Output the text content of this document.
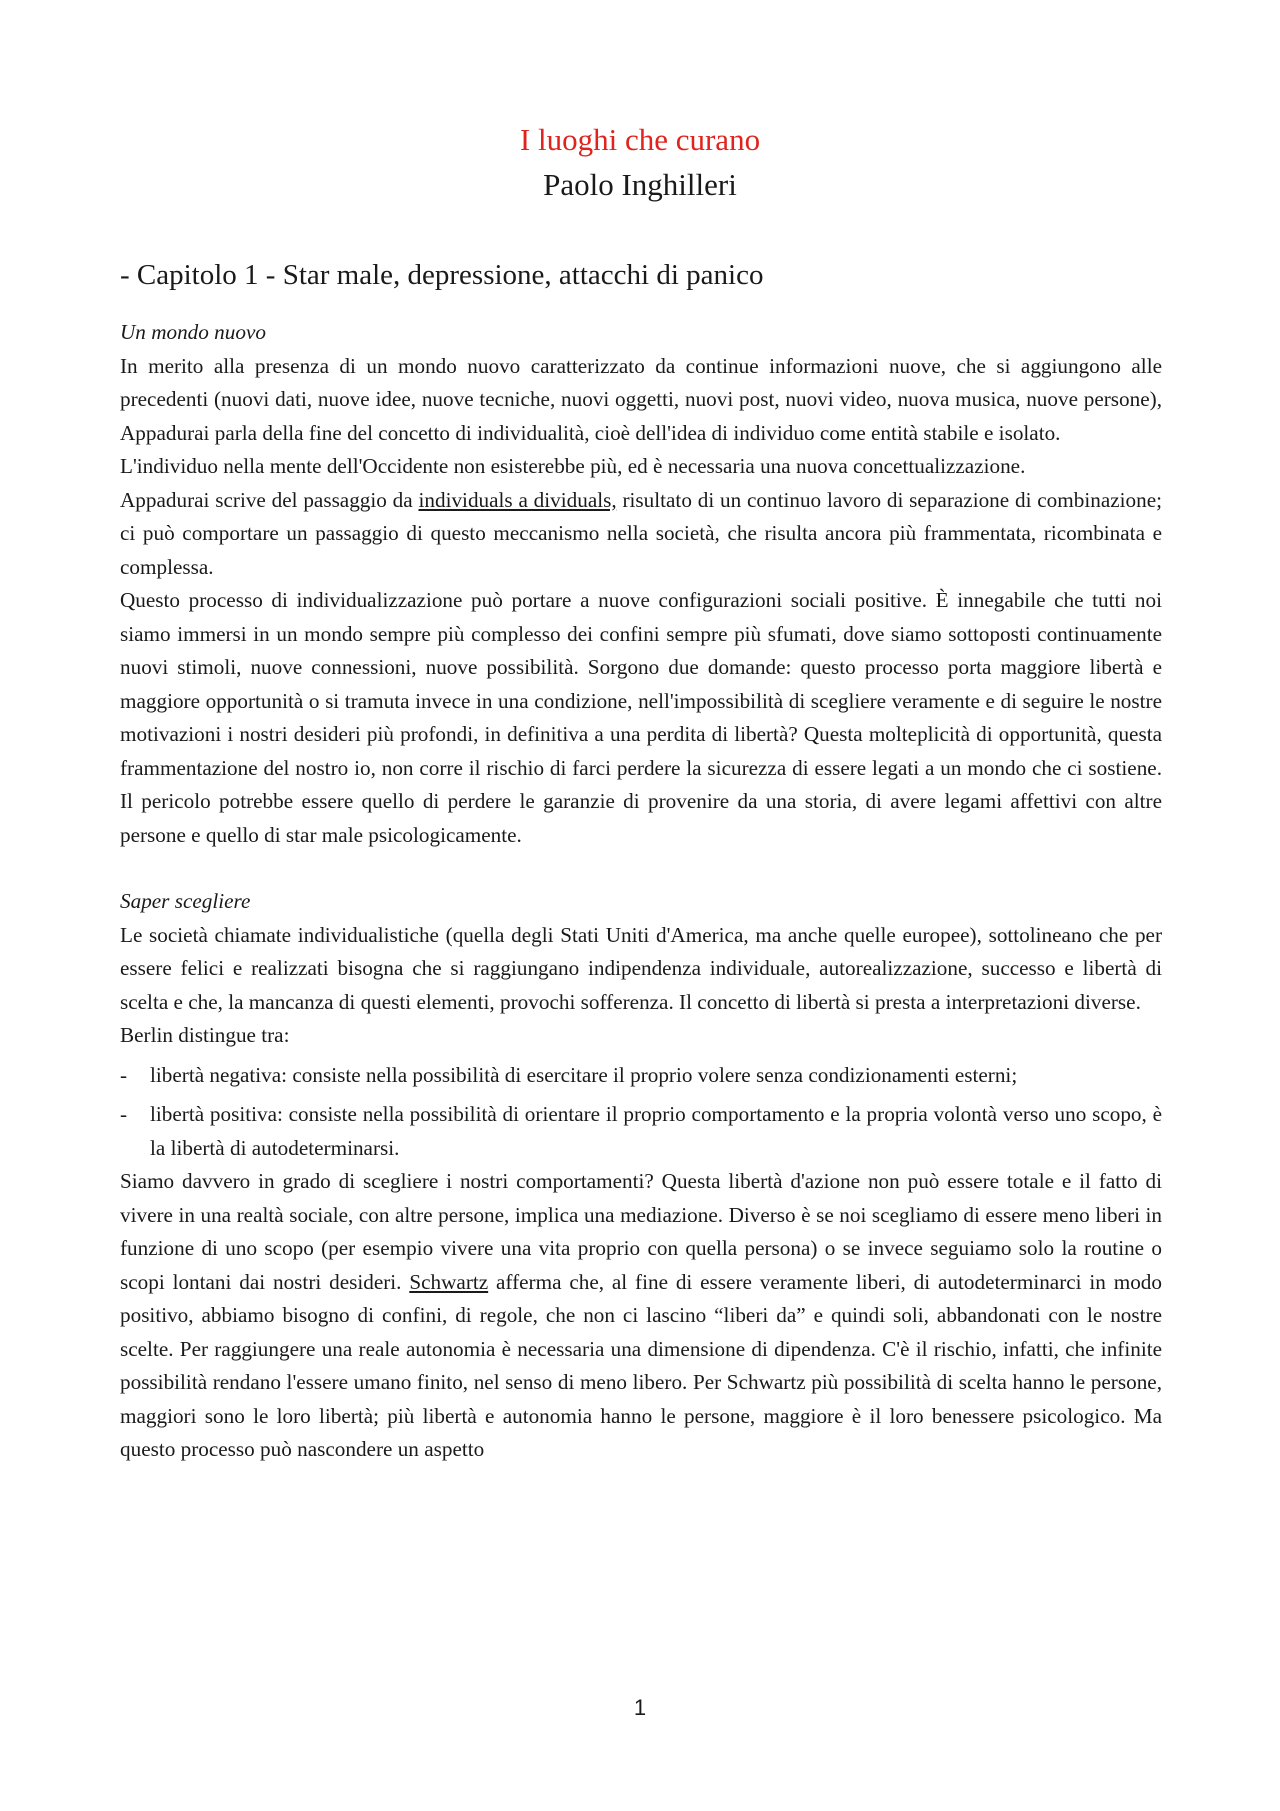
I luoghi che curano
Paolo Inghilleri
- Capitolo 1 - Star male, depressione, attacchi di panico

Un mondo nuovo

In merito alla presenza di un mondo nuovo caratterizzato da continue informazioni nuove, che si aggiungono alle precedenti (nuovi dati, nuove idee, nuove tecniche, nuovi oggetti, nuovi post, nuovi video, nuova musica, nuove persone), Appadurai parla della fine del concetto di individualità, cioè dell'idea di individuo come entità stabile e isolato.

L'individuo nella mente dell'Occidente non esisterebbe più, ed è necessaria una nuova concettualizzazione.

Appadurai scrive del passaggio da individuals a dividuals, risultato di un continuo lavoro di separazione di combinazione; ci può comportare un passaggio di questo meccanismo nella società, che risulta ancora più frammentata, ricombinata e complessa.

Questo processo di individualizzazione può portare a nuove configurazioni sociali positive. È innegabile che tutti noi siamo immersi in un mondo sempre più complesso dei confini sempre più sfumati, dove siamo sottoposti continuamente nuovi stimoli, nuove connessioni, nuove possibilità. Sorgono due domande: questo processo porta maggiore libertà e maggiore opportunità o si tramuta invece in una condizione, nell'impossibilità di scegliere veramente e di seguire le nostre motivazioni i nostri desideri più profondi, in definitiva a una perdita di libertà? Questa molteplicità di opportunità, questa frammentazione del nostro io, non corre il rischio di farci perdere la sicurezza di essere legati a un mondo che ci sostiene. Il pericolo potrebbe essere quello di perdere le garanzie di provenire da una storia, di avere legami affettivi con altre persone e quello di star male psicologicamente.

Saper scegliere

Le società chiamate individualistiche (quella degli Stati Uniti d'America, ma anche quelle europee), sottolineano che per essere felici e realizzati bisogna che si raggiungano indipendenza individuale, autorealizzazione, successo e libertà di scelta e che, la mancanza di questi elementi, provochi sofferenza. Il concetto di libertà si presta a interpretazioni diverse.

Berlin distingue tra:

- libertà negativa: consiste nella possibilità di esercitare il proprio volere senza condizionamenti esterni;
- libertà positiva: consiste nella possibilità di orientare il proprio comportamento e la propria volontà verso uno scopo, è la libertà di autodeterminarsi.

Siamo davvero in grado di scegliere i nostri comportamenti? Questa libertà d'azione non può essere totale e il fatto di vivere in una realtà sociale, con altre persone, implica una mediazione. Diverso è se noi scegliamo di essere meno liberi in funzione di uno scopo (per esempio vivere una vita proprio con quella persona) o se invece seguiamo solo la routine o scopi lontani dai nostri desideri. Schwartz afferma che, al fine di essere veramente liberi, di autodeterminarci in modo positivo, abbiamo bisogno di confini, di regole, che non ci lascino “liberi da” e quindi soli, abbandonati con le nostre scelte. Per raggiungere una reale autonomia è necessaria una dimensione di dipendenza. C'è il rischio, infatti, che infinite possibilità rendano l'essere umano finito, nel senso di meno libero. Per Schwartz più possibilità di scelta hanno le persone, maggiori sono le loro libertà; più libertà e autonomia hanno le persone, maggiore è il loro benessere psicologico. Ma questo processo può nascondere un aspetto

1
